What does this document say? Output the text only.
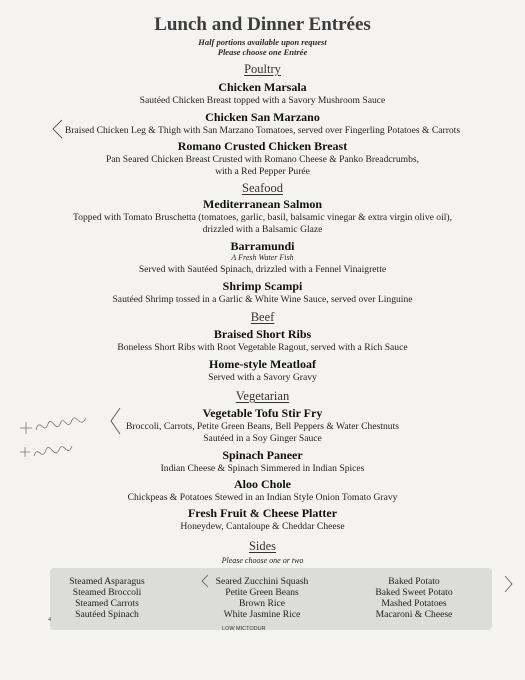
Lunch and Dinner Entrées
Half portions available upon request
Please choose one Entrée
Poultry
Chicken Marsala
Sautéed Chicken Breast topped with a Savory Mushroom Sauce
Chicken San Marzano
Braised Chicken Leg & Thigh with San Marzano Tomatoes, served over Fingerling Potatoes & Carrots
Romano Crusted Chicken Breast
Pan Seared Chicken Breast Crusted with Romano Cheese & Panko Breadcrumbs,
with a Red Pepper Purée
Seafood
Mediterranean Salmon
Topped with Tomato Bruschetta (tomatoes, garlic, basil, balsamic vinegar & extra virgin olive oil),
drizzled with a Balsamic Glaze
Barramundi
A Fresh Water Fish
Served with Sautéed Spinach, drizzled with a Fennel Vinaigrette
Shrimp Scampi
Sautéed Shrimp tossed in a Garlic & White Wine Sauce, served over Linguine
Beef
Braised Short Ribs
Boneless Short Ribs with Root Vegetable Ragout, served with a Rich Sauce
Home-style Meatloaf
Served with a Savory Gravy
Vegetarian
Vegetable Tofu Stir Fry
Broccoli, Carrots, Petite Green Beans, Bell Peppers & Water Chestnuts
Sautéed in a Soy Ginger Sauce
Spinach Paneer
Indian Cheese & Spinach Simmered in Indian Spices
Aloo Chole
Chickpeas & Potatoes Stewed in an Indian Style Onion Tomato Gravy
Fresh Fruit & Cheese Platter
Honeydew, Cantaloupe & Cheddar Cheese
Sides
Please choose one or two
Steamed Asparagus
Steamed Broccoli
Steamed Carrots
Sautéed Spinach
Seared Zucchini Squash
Petite Green Beans
Brown Rice
White Jasmine Rice
Baked Potato
Baked Sweet Potato
Mashed Potatoes
Macaroni & Cheese
LOW MICTODUR
4
